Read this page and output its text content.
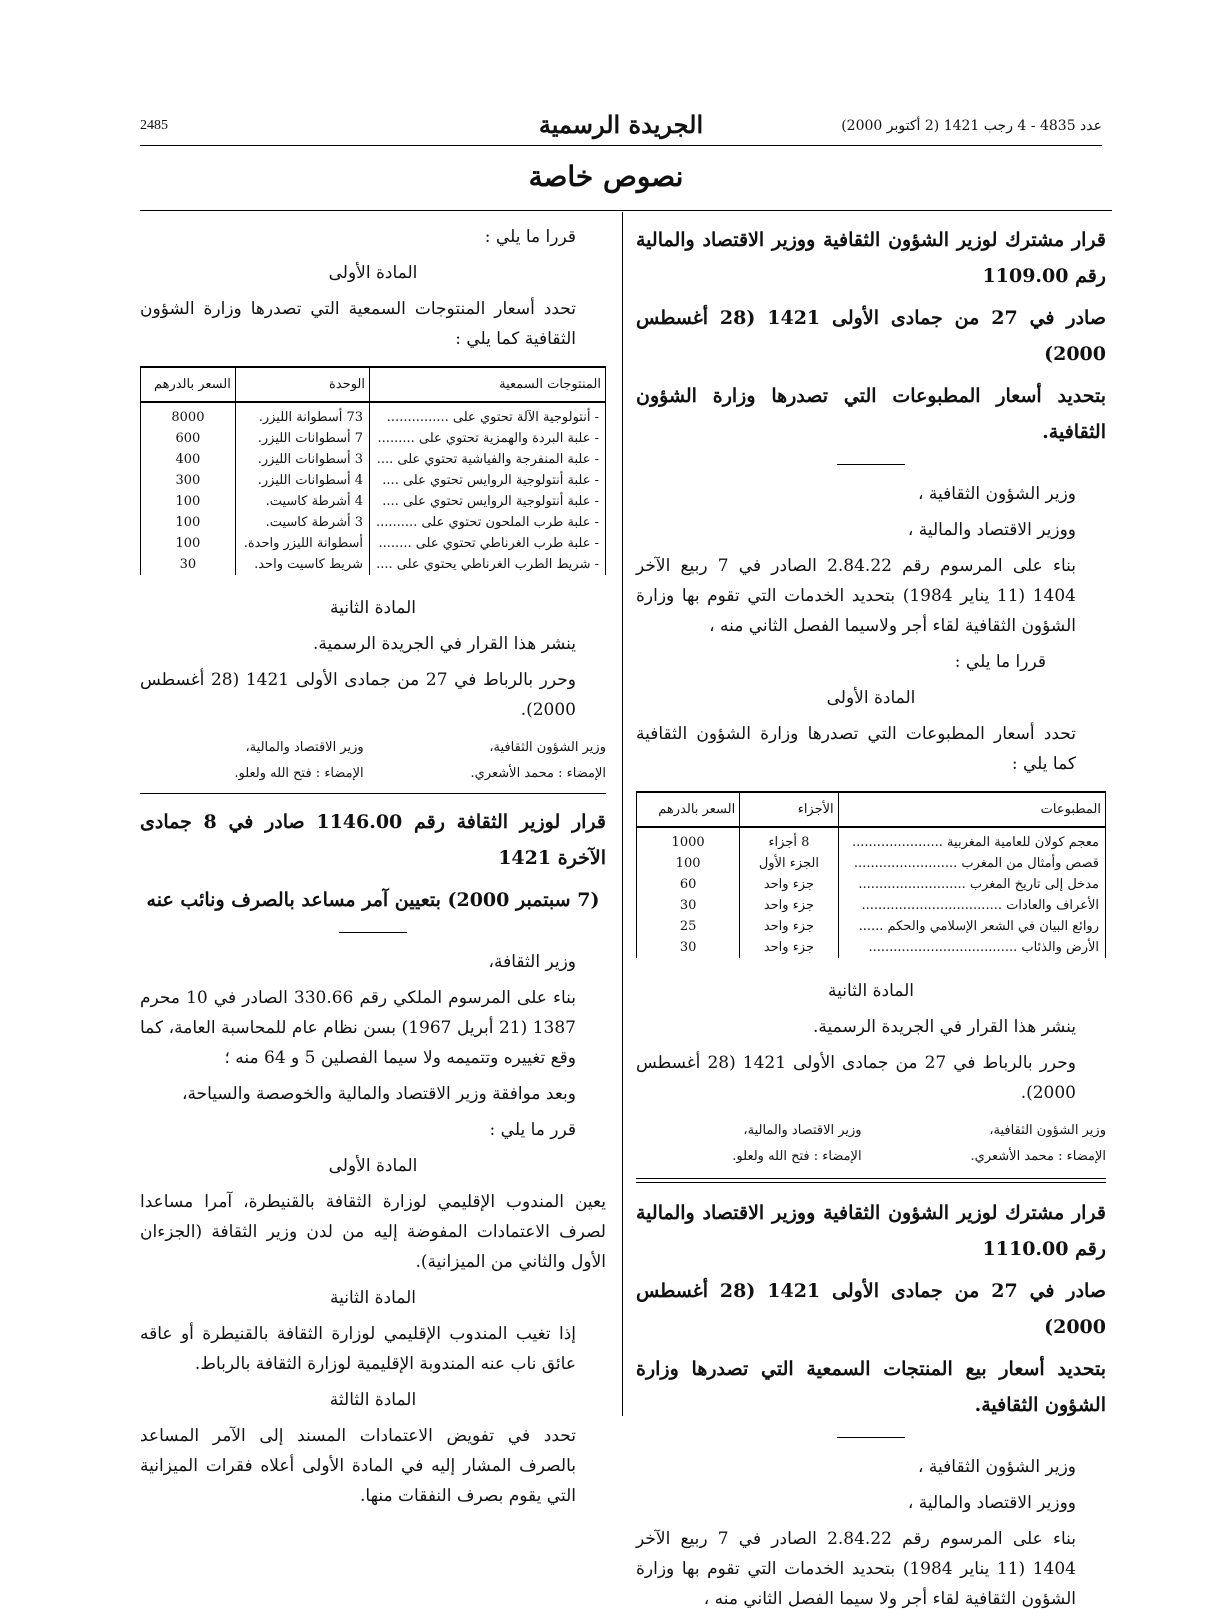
2485	الجريدة الرسمية	عدد 4835 - 4 رجب 1421 (2 أكتوبر 2000)
نصوص خاصة

قرار مشترك لوزير الشؤون الثقافية ووزير الاقتصاد والمالية رقم 1109.00

صادر في 27 من جمادى الأولى 1421 (28 أغسطس 2000)

بتحديد أسعار المطبوعات التي تصدرها وزارة الشؤون الثقافية.

وزير الشؤون الثقافية ،

ووزير الاقتصاد والمالية ،

بناء على المرسوم رقم 2.84.22 الصادر في 7 ربيع الآخر 1404 (11 يناير 1984) بتحديد الخدمات التي تقوم بها وزارة الشؤون الثقافية لقاء أجر ولاسيما الفصل الثاني منه ،

قررا ما يلي :

المادة الأولى

تحدد أسعار المطبوعات التي تصدرها وزارة الشؤون الثقافية كما يلي :

المطبوعات	الأجزاء	السعر بالدرهم
معجم كولان للعامية المغربية ......................	8 أجزاء	1000
قصص وأمثال من المغرب .........................	الجزء الأول	100
مدخل إلى تاريخ المغرب ..........................	جزء واحد	60
الأعراف والعادات ..................................	جزء واحد	30
روائع البيان في الشعر الإسلامي والحكم ......	جزء واحد	25
الأرض والذئاب ....................................	جزء واحد	30

المادة الثانية

ينشر هذا القرار في الجريدة الرسمية.

وحرر بالرباط في 27 من جمادى الأولى 1421 (28 أغسطس 2000).

وزير الشؤون الثقافية،
الإمضاء : محمد الأشعري.
وزير الاقتصاد والمالية،
الإمضاء : فتح الله ولعلو.

قرار مشترك لوزير الشؤون الثقافية ووزير الاقتصاد والمالية رقم 1110.00

صادر في 27 من جمادى الأولى 1421 (28 أغسطس 2000)

بتحديد أسعار بيع المنتجات السمعية التي تصدرها وزارة الشؤون الثقافية.

وزير الشؤون الثقافية ،

ووزير الاقتصاد والمالية ،

بناء على المرسوم رقم 2.84.22 الصادر في 7 ربيع الآخر 1404 (11 يناير 1984) بتحديد الخدمات التي تقوم بها وزارة الشؤون الثقافية لقاء أجر ولا سيما الفصل الثاني منه ،

قررا ما يلي :

المادة الأولى

تحدد أسعار المنتوجات السمعية التي تصدرها وزارة الشؤون الثقافية كما يلي :

المنتوجات السمعية	الوحدة	السعر بالدرهم
- أنتولوجية الآلة تحتوي على ...............	73 أسطوانة الليزر.	8000
- علبة البردة والهمزية تحتوي على .........	7 أسطوانات الليزر.	600
- علبة المنفرجة والفياشية تحتوي على ....	3 أسطوانات الليزر.	400
- علبة أنتولوجية الروايس تحتوي على ....	4 أسطوانات الليزر.	300
- علبة أنتولوجية الروايس تحتوي على ....	4 أشرطة كاسيت.	100
- علبة طرب الملحون تحتوي على ..........	3 أشرطة كاسيت.	100
- علبة طرب الغرناطي تحتوي على ........	أسطوانة الليزر واحدة.	100
- شريط الطرب الغرناطي يحتوي على ....	شريط كاسيت واحد.	30

المادة الثانية

ينشر هذا القرار في الجريدة الرسمية.

وحرر بالرباط في 27 من جمادى الأولى 1421 (28 أغسطس 2000).

وزير الشؤون الثقافية،
الإمضاء : محمد الأشعري.
وزير الاقتصاد والمالية،
الإمضاء : فتح الله ولعلو.

قرار لوزير الثقافة رقم 1146.00 صادر في 8 جمادى الآخرة 1421

(7 سبتمبر 2000) بتعيين آمر مساعد بالصرف ونائب عنه

وزير الثقافة،

بناء على المرسوم الملكي رقم 330.66 الصادر في 10 محرم 1387 (21 أبريل 1967) بسن نظام عام للمحاسبة العامة، كما وقع تغييره وتتميمه ولا سيما الفصلين 5 و 64 منه ؛

وبعد موافقة وزير الاقتصاد والمالية والخوصصة والسياحة،

قرر ما يلي :

المادة الأولى

يعين المندوب الإقليمي لوزارة الثقافة بالقنيطرة، آمرا مساعدا لصرف الاعتمادات المفوضة إليه من لدن وزير الثقافة (الجزءان الأول والثاني من الميزانية).

المادة الثانية

إذا تغيب المندوب الإقليمي لوزارة الثقافة بالقنيطرة أو عاقه عائق ناب عنه المندوبة الإقليمية لوزارة الثقافة بالرباط.

المادة الثالثة

تحدد في تفويض الاعتمادات المسند إلى الآمر المساعد بالصرف المشار إليه في المادة الأولى أعلاه فقرات الميزانية التي يقوم بصرف النفقات منها.
